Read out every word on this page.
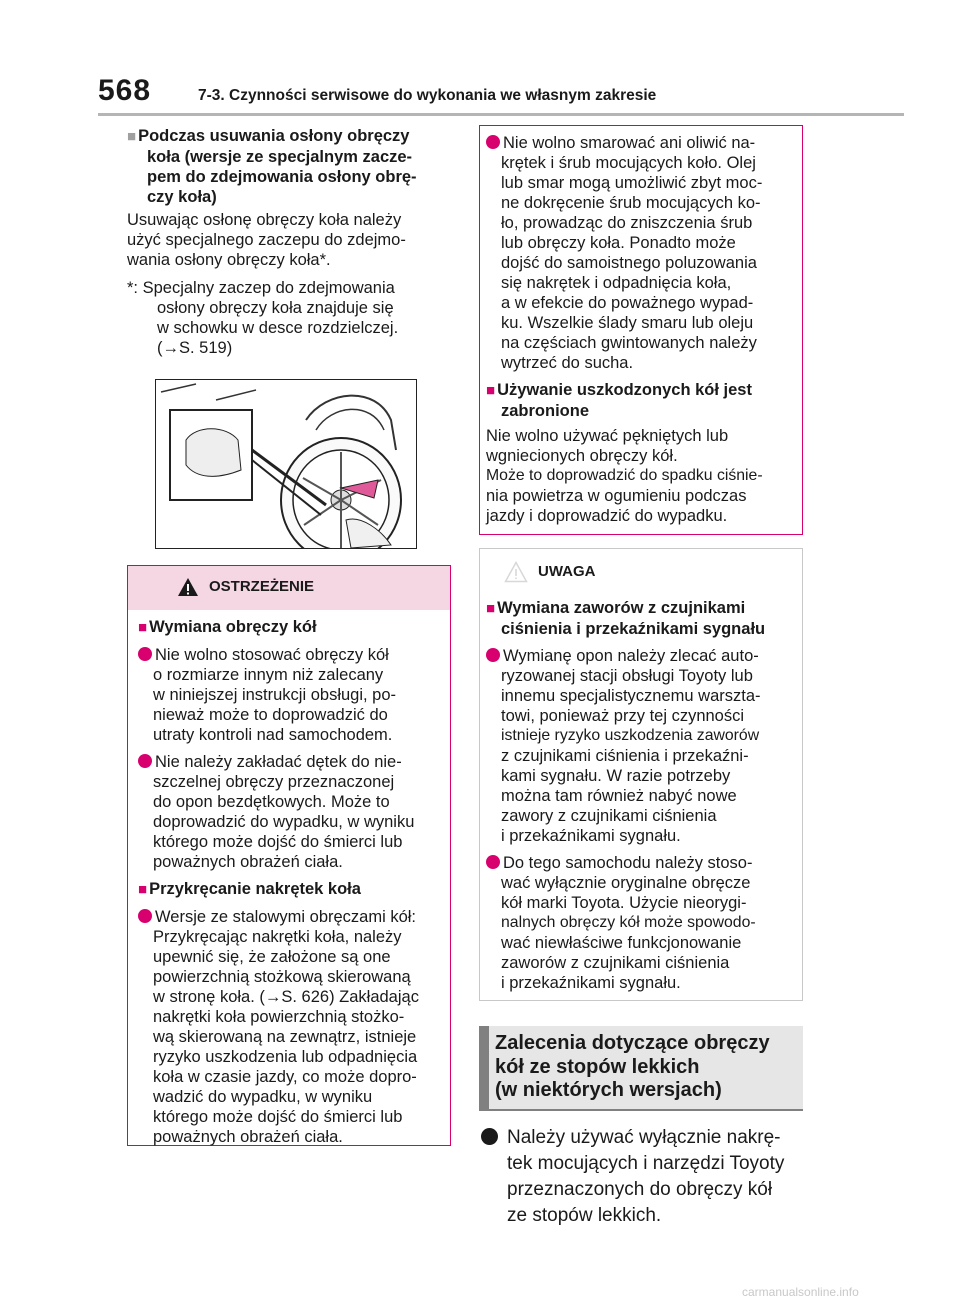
568	7-3. Czynności serwisowe do wykonania we własnym zakresie
■ Podczas usuwania osłony obręczy
koła (wersje ze specjalnym zacze-
pem do zdejmowania osłony obrę-
czy koła)
Usuwając osłonę obręczy koła należy
użyć specjalnego zaczepu do zdejmo-
wania osłony obręczy koła*.
*: Specjalny zaczep do zdejmowania
osłony obręczy koła znajduje się
w schowku w desce rozdzielczej.
(→S. 519)
OSTRZEŻENIE
■ Wymiana obręczy kół
Nie wolno stosować obręczy kół
o rozmiarze innym niż zalecany
w niniejszej instrukcji obsługi, po-
nieważ może to doprowadzić do
utraty kontroli nad samochodem.
Nie należy zakładać dętek do nie-
szczelnej obręczy przeznaczonej
do opon bezdętkowych. Może to
doprowadzić do wypadku, w wyniku
którego może dojść do śmierci lub
poważnych obrażeń ciała.
■ Przykręcanie nakrętek koła
Wersje ze stalowymi obręczami kół:
Przykręcając nakrętki koła, należy
upewnić się, że założone są one
powierzchnią stożkową skierowaną
w stronę koła. (→S. 626) Zakładając
nakrętki koła powierzchnią stożko-
wą skierowaną na zewnątrz, istnieje
ryzyko uszkodzenia lub odpadnięcia
koła w czasie jazdy, co może dopro-
wadzić do wypadku, w wyniku
którego może dojść do śmierci lub
poważnych obrażeń ciała.
Nie wolno smarować ani oliwić na-
krętek i śrub mocujących koło. Olej
lub smar mogą umożliwić zbyt moc-
ne dokręcenie śrub mocujących ko-
ło, prowadząc do zniszczenia śrub
lub obręczy koła. Ponadto może
dojść do samoistnego poluzowania
się nakrętek i odpadnięcia koła,
a w efekcie do poważnego wypad-
ku. Wszelkie ślady smaru lub oleju
na częściach gwintowanych należy
wytrzeć do sucha.
■ Używanie uszkodzonych kół jest
zabronione
Nie wolno używać pękniętych lub
wgniecionych obręczy kół.
Może to doprowadzić do spadku ciśnie-
nia powietrza w ogumieniu podczas
jazdy i doprowadzić do wypadku.
UWAGA
■ Wymiana zaworów z czujnikami
ciśnienia i przekaźnikami sygnału
Wymianę opon należy zlecać auto-
ryzowanej stacji obsługi Toyoty lub
innemu specjalistycznemu warszta-
towi, ponieważ przy tej czynności
istnieje ryzyko uszkodzenia zaworów
z czujnikami ciśnienia i przekaźni-
kami sygnału. W razie potrzeby
można tam również nabyć nowe
zawory z czujnikami ciśnienia
i przekaźnikami sygnału.
Do tego samochodu należy stoso-
wać wyłącznie oryginalne obręcze
kół marki Toyota. Użycie nieorygi-
nalnych obręczy kół może spowodo-
wać niewłaściwe funkcjonowanie
zaworów z czujnikami ciśnienia
i przekaźnikami sygnału.
Zalecenia dotyczące obręczy
kół ze stopów lekkich
(w niektórych wersjach)
Należy używać wyłącznie nakrę-
tek mocujących i narzędzi Toyoty
przeznaczonych do obręczy kół
ze stopów lekkich.
carmanualsonline.info
